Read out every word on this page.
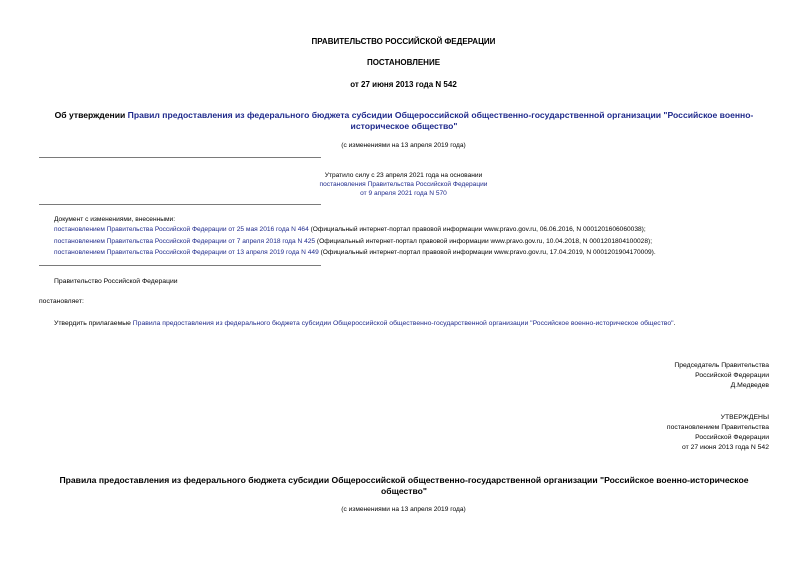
ПРАВИТЕЛЬСТВО РОССИЙСКОЙ ФЕДЕРАЦИИ
ПОСТАНОВЛЕНИЕ
от 27 июня 2013 года N 542
Об утверждении Правил предоставления из федерального бюджета субсидии Общероссийской общественно-государственной организации "Российское военно-историческое общество"
(с изменениями на 13 апреля 2019 года)
Утратило силу с 23 апреля 2021 года на основании
постановления Правительства Российской Федерации
от 9 апреля 2021 года N 570
Документ с изменениями, внесенными:
постановлением Правительства Российской Федерации от 25 мая 2016 года N 464 (Официальный интернет-портал правовой информации www.pravo.gov.ru, 06.06.2016, N 0001201606060038);
постановлением Правительства Российской Федерации от 7 апреля 2018 года N 425 (Официальный интернет-портал правовой информации www.pravo.gov.ru, 10.04.2018, N 0001201804100028);
постановлением Правительства Российской Федерации от 13 апреля 2019 года N 449 (Официальный интернет-портал правовой информации www.pravo.gov.ru, 17.04.2019, N 0001201904170009).
Правительство Российской Федерации
постановляет:
Утвердить прилагаемые Правила предоставления из федерального бюджета субсидии Общероссийской общественно-государственной организации "Российское военно-историческое общество".
Председатель Правительства
Российской Федерации
Д.Медведев
УТВЕРЖДЕНЫ
постановлением Правительства
Российской Федерации
от 27 июня 2013 года N 542
Правила предоставления из федерального бюджета субсидии Общероссийской общественно-государственной организации "Российское военно-историческое общество"
(с изменениями на 13 апреля 2019 года)
